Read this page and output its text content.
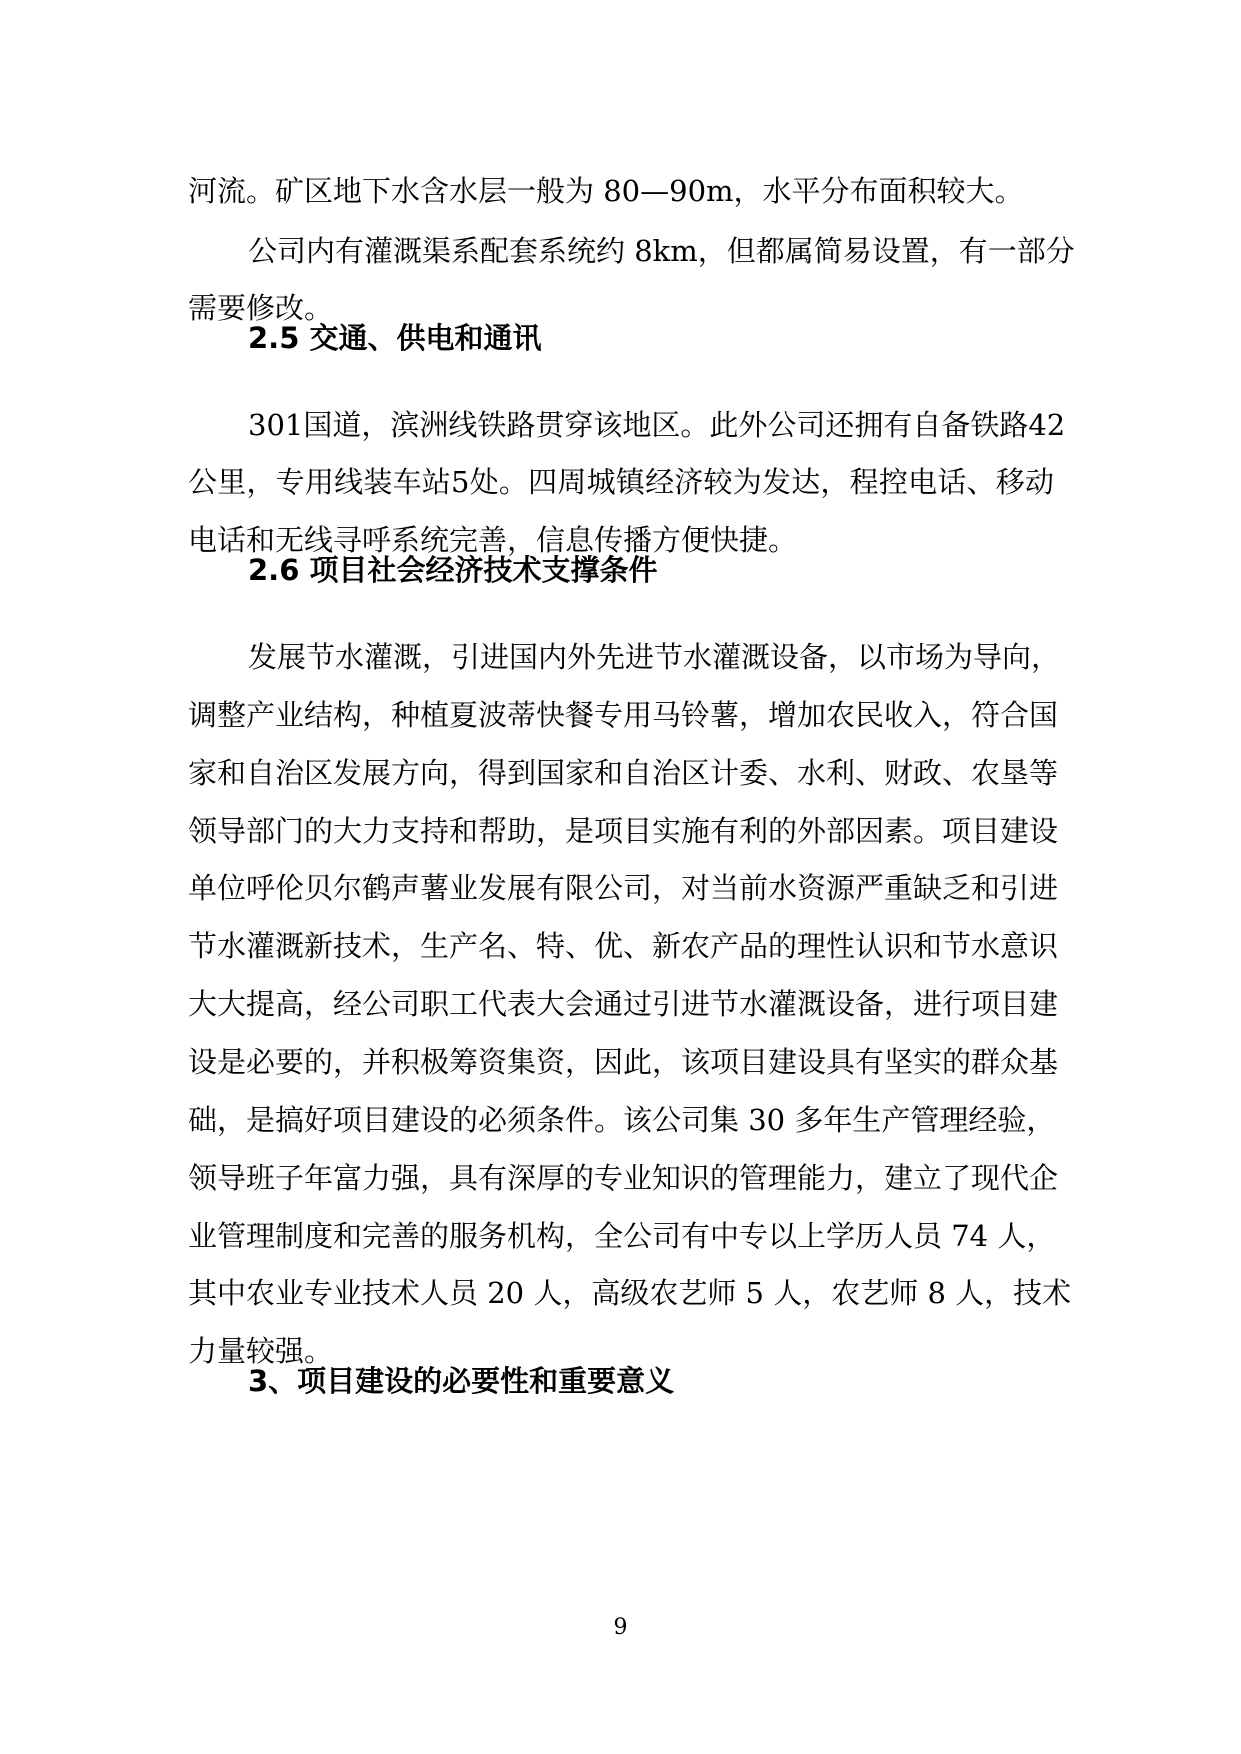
河流。矿区地下水含水层一般为 80—90m，水平分布面积较大。

公司内有灌溉渠系配套系统约 8km，但都属简易设置，有一部分

需要修改。

2.5 交通、供电和通讯

301国道，滨洲线铁路贯穿该地区。此外公司还拥有自备铁路42

公里，专用线装车站5处。四周城镇经济较为发达，程控电话、移动

电话和无线寻呼系统完善，信息传播方便快捷。

2.6 项目社会经济技术支撑条件

发展节水灌溉，引进国内外先进节水灌溉设备，以市场为导向，

调整产业结构，种植夏波蒂快餐专用马铃薯，增加农民收入，符合国

家和自治区发展方向，得到国家和自治区计委、水利、财政、农垦等

领导部门的大力支持和帮助，是项目实施有利的外部因素。项目建设

单位呼伦贝尔鹤声薯业发展有限公司，对当前水资源严重缺乏和引进

节水灌溉新技术，生产名、特、优、新农产品的理性认识和节水意识

大大提高，经公司职工代表大会通过引进节水灌溉设备，进行项目建

设是必要的，并积极筹资集资，因此，该项目建设具有坚实的群众基

础，是搞好项目建设的必须条件。该公司集 30 多年生产管理经验，

领导班子年富力强，具有深厚的专业知识的管理能力，建立了现代企

业管理制度和完善的服务机构，全公司有中专以上学历人员 74 人，

其中农业专业技术人员 20 人，高级农艺师 5 人，农艺师 8 人，技术

力量较强。

3、项目建设的必要性和重要意义
9
